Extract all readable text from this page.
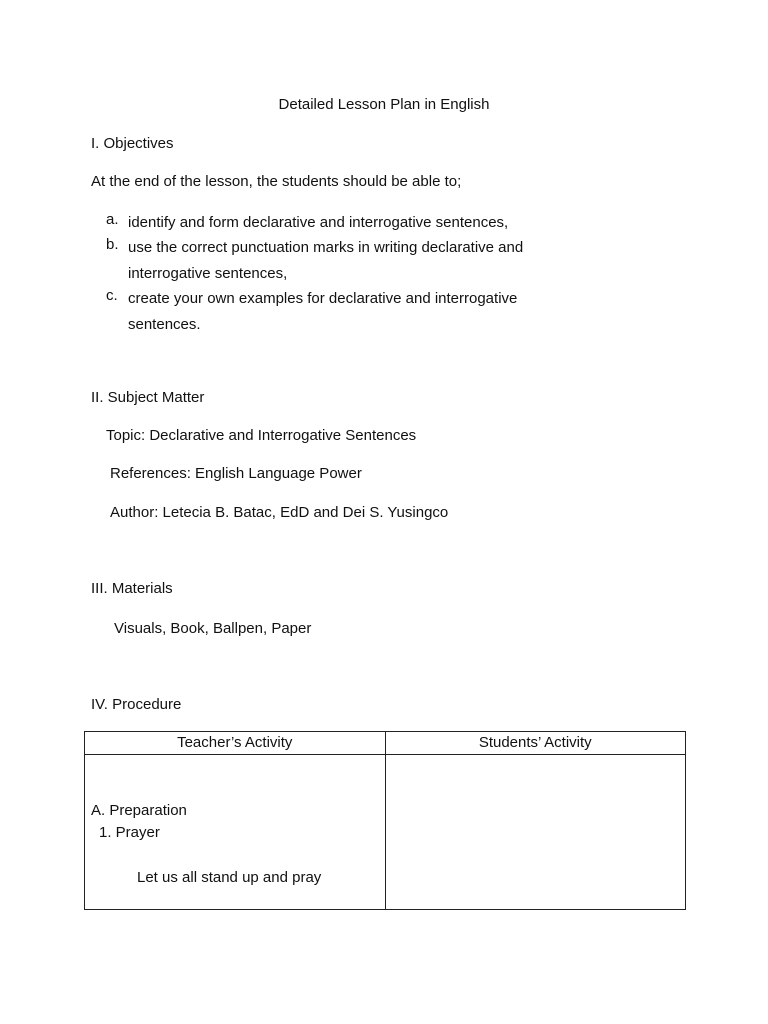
Detailed Lesson Plan in English
I. Objectives
At the end of the lesson, the students should be able to;
a. identify and form declarative and interrogative sentences,
b. use the correct punctuation marks in writing declarative and interrogative sentences,
c. create your own examples for declarative and interrogative sentences.
II. Subject Matter
Topic: Declarative and Interrogative Sentences
References: English Language Power
Author: Letecia B. Batac, EdD and Dei S. Yusingco
III. Materials
Visuals, Book, Ballpen, Paper
IV. Procedure
Teacher’s Activity	Students’ Activity

A. Preparation
1. Prayer
Let us all stand up and pray	
